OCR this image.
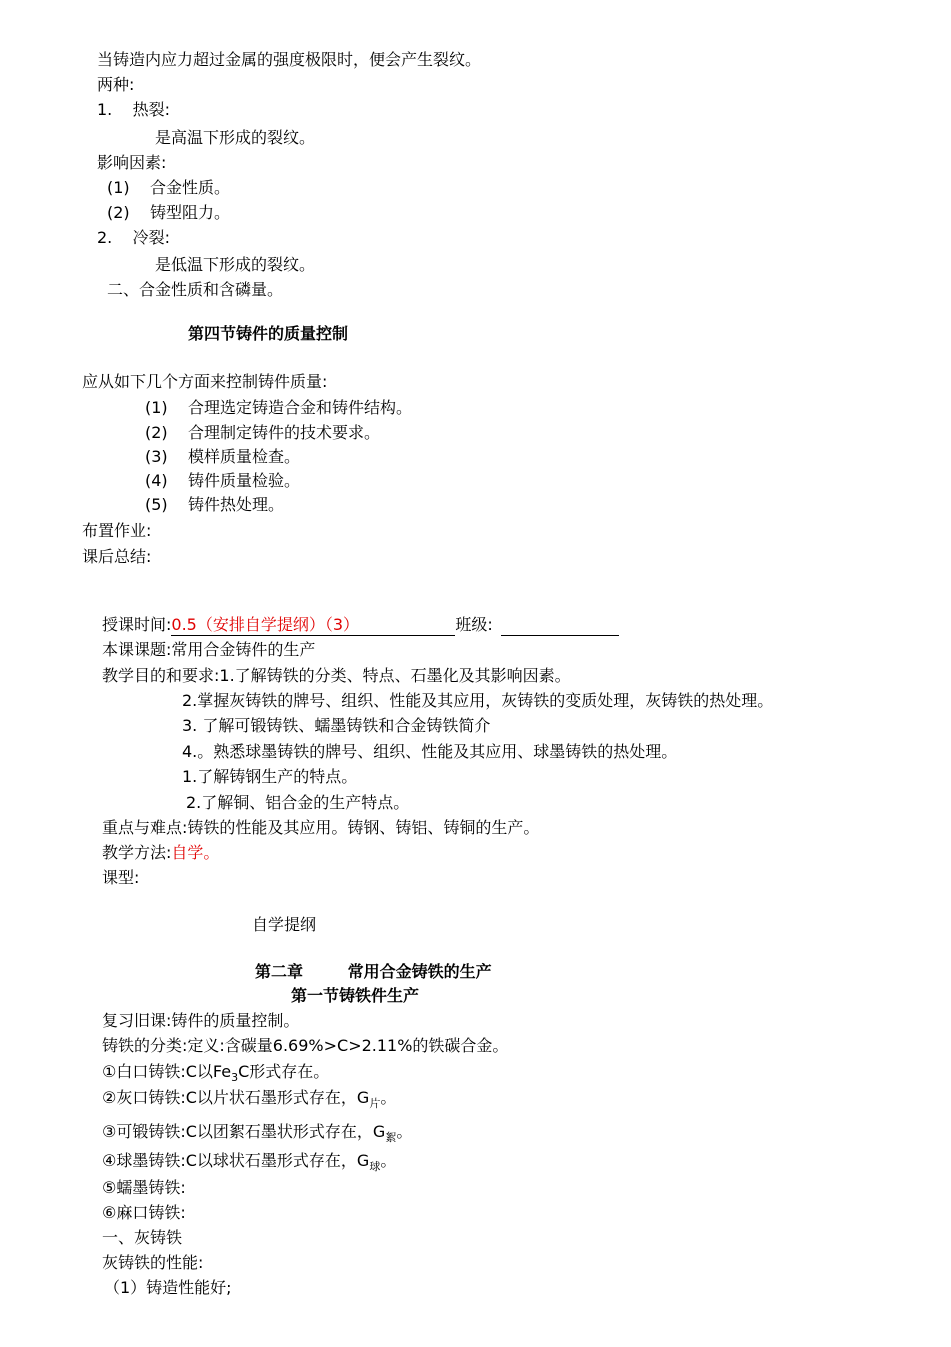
当铸造内应力超过金属的强度极限时，便会产生裂纹。
两种:
1.    热裂:
是高温下形成的裂纹。
影响因素:
(1)    合金性质。
(2)    铸型阻力。
2.    冷裂:
是低温下形成的裂纹。
二、合金性质和含磷量。
第四节铸件的质量控制
应从如下几个方面来控制铸件质量:
(1)    合理选定铸造合金和铸件结构。
(2)    合理制定铸件的技术要求。
(3)    模样质量检查。
(4)    铸件质量检验。
(5)    铸件热处理。
布置作业:
课后总结:
授课时间:0.5（安排自学提纲）（3）	班级:
本课课题:常用合金铸件的生产
教学目的和要求:1.了解铸铁的分类、特点、石墨化及其影响因素。
2.掌握灰铸铁的牌号、组织、性能及其应用，灰铸铁的变质处理，灰铸铁的热处理。
3. 了解可锻铸铁、蠕墨铸铁和合金铸铁简介
4.。熟悉球墨铸铁的牌号、组织、性能及其应用、球墨铸铁的热处理。
1.了解铸钢生产的特点。
2.了解铜、铝合金的生产特点。
重点与难点:铸铁的性能及其应用。铸钢、铸铝、铸铜的生产。
教学方法:自学。
课型:
自学提纲
第二章        常用合金铸铁的生产
第一节铸铁件生产
复习旧课:铸件的质量控制。
铸铁的分类:定义:含碳量6.69%>C>2.11%的铁碳合金。
①白口铸铁:C以$Fe_3C$形式存在。
②灰口铸铁:C以片状石墨形式存在，$G_片$。
③可锻铸铁:C以团絮石墨状形式存在，$G_絮$。
④球墨铸铁:C以球状石墨形式存在，$G_球$。
⑤蠕墨铸铁:
⑥麻口铸铁:
一、灰铸铁
灰铸铁的性能:
（1）铸造性能好;
